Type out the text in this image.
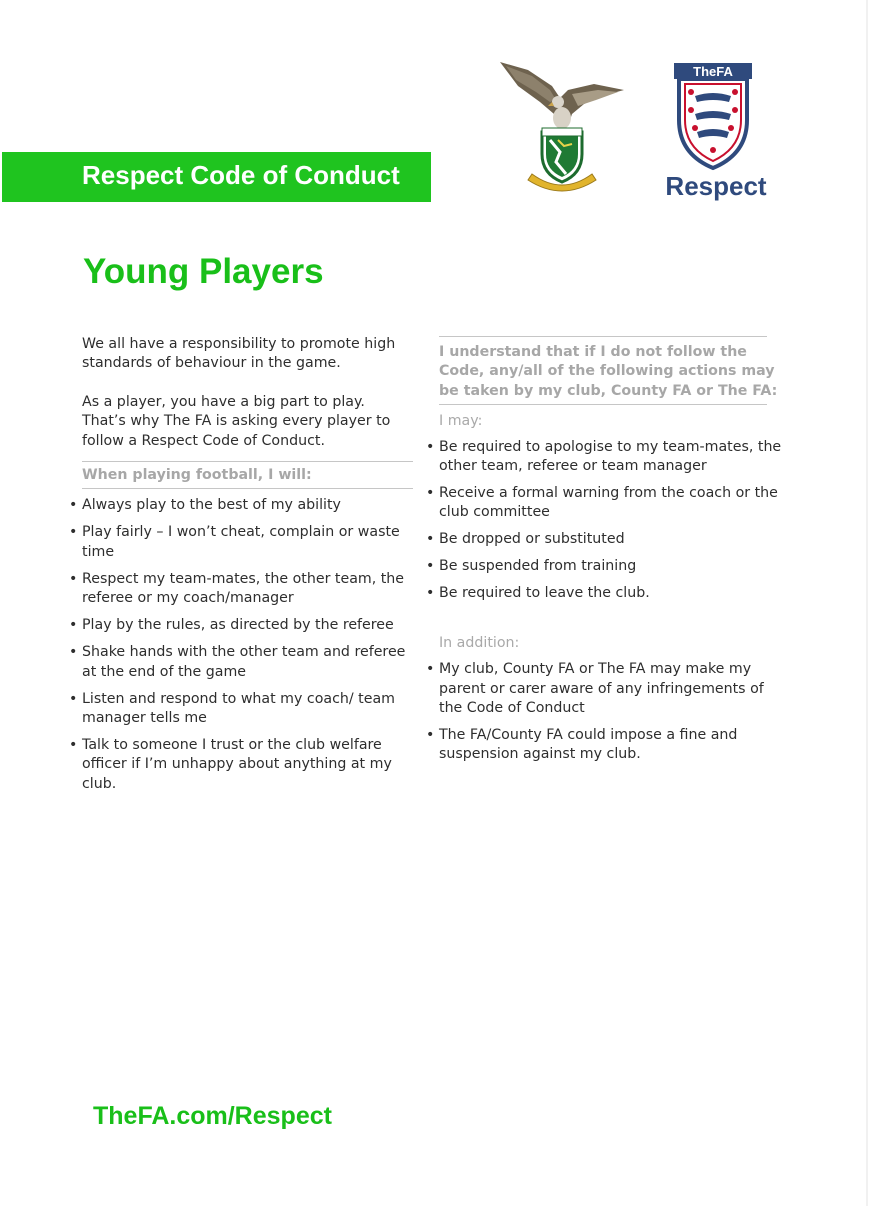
TheFA
Respect
Respect Code of Conduct
Young Players

We all have a responsibility to promote high standards of behaviour in the game.

As a player, you have a big part to play. That’s why The FA is asking every player to follow a Respect Code of Conduct.

When playing football, I will:

• Always play to the best of my ability
• Play fairly – I won’t cheat, complain or waste time
• Respect my team-mates, the other team, the referee or my coach/manager
• Play by the rules, as directed by the referee
• Shake hands with the other team and referee at the end of the game
• Listen and respond to what my coach/ team manager tells me
• Talk to someone I trust or the club welfare officer if I’m unhappy about anything at my club.

I understand that if I do not follow the Code, any/all of the following actions may be taken by my club, County FA or The FA:

I may:

• Be required to apologise to my team-mates, the other team, referee or team manager
• Receive a formal warning from the coach or the club committee
• Be dropped or substituted
• Be suspended from training
• Be required to leave the club.

In addition:

• My club, County FA or The FA may make my parent or carer aware of any infringements of the Code of Conduct
• The FA/County FA could impose a fine and suspension against my club.
TheFA.com/Respect
